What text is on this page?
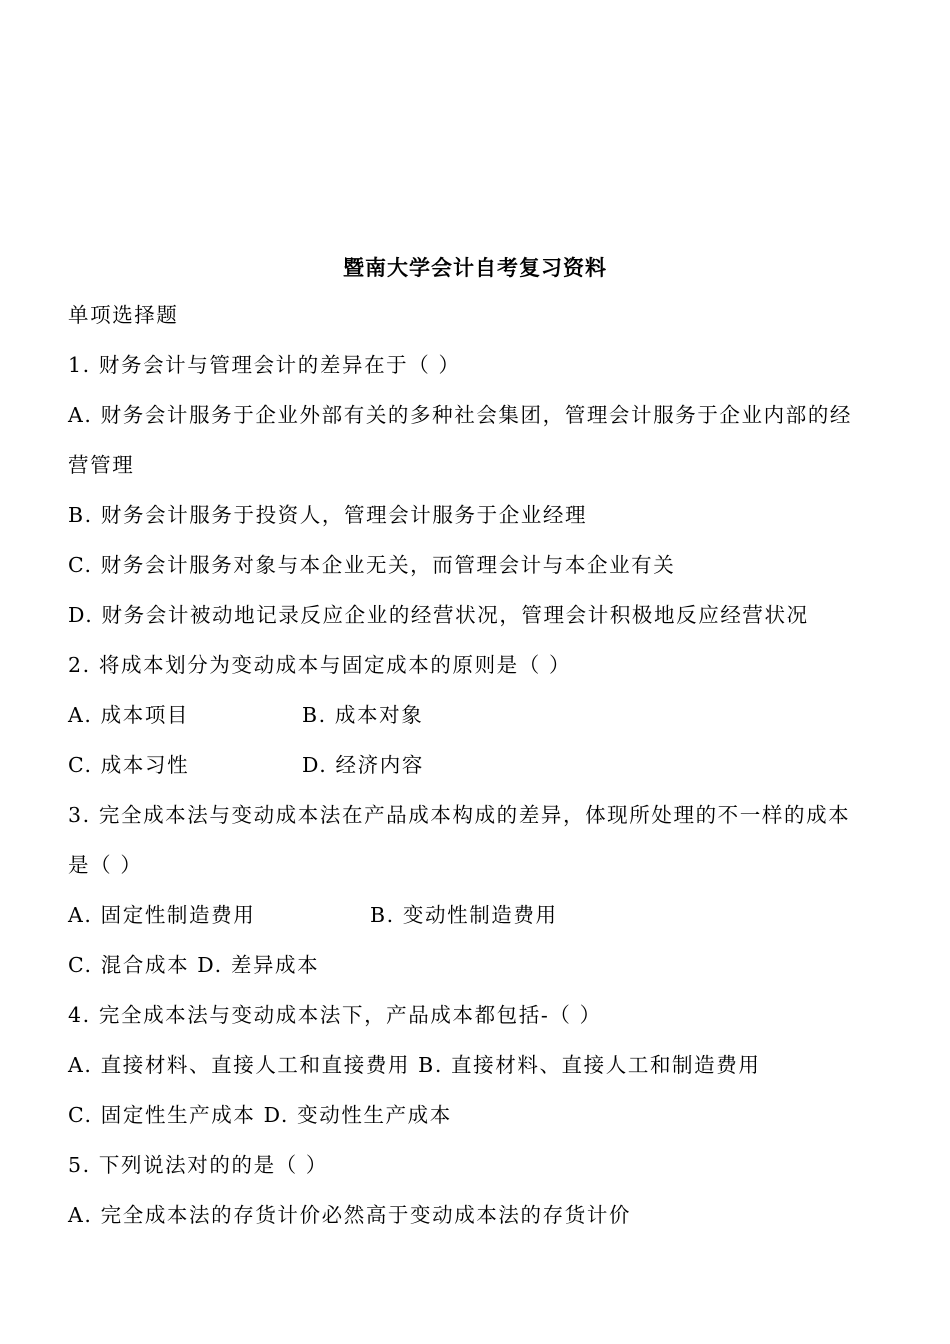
暨南大学会计自考复习资料
单项选择题
1. 财务会计与管理会计的差异在于（ ）
A. 财务会计服务于企业外部有关的多种社会集团，管理会计服务于企业内部的经
营管理
B. 财务会计服务于投资人，管理会计服务于企业经理
C. 财务会计服务对象与本企业无关，而管理会计与本企业有关
D. 财务会计被动地记录反应企业的经营状况，管理会计积极地反应经营状况
2. 将成本划分为变动成本与固定成本的原则是（ ）
A. 成本项目	B. 成本对象
C. 成本习性	D. 经济内容
3. 完全成本法与变动成本法在产品成本构成的差异，体现所处理的不一样的成本
是（ ）
A. 固定性制造费用	B. 变动性制造费用
C. 混合成本 D. 差异成本
4. 完全成本法与变动成本法下，产品成本都包括-（ ）
A. 直接材料、直接人工和直接费用 B. 直接材料、直接人工和制造费用
C. 固定性生产成本 D. 变动性生产成本
5. 下列说法对的的是（ ）
A. 完全成本法的存货计价必然高于变动成本法的存货计价
